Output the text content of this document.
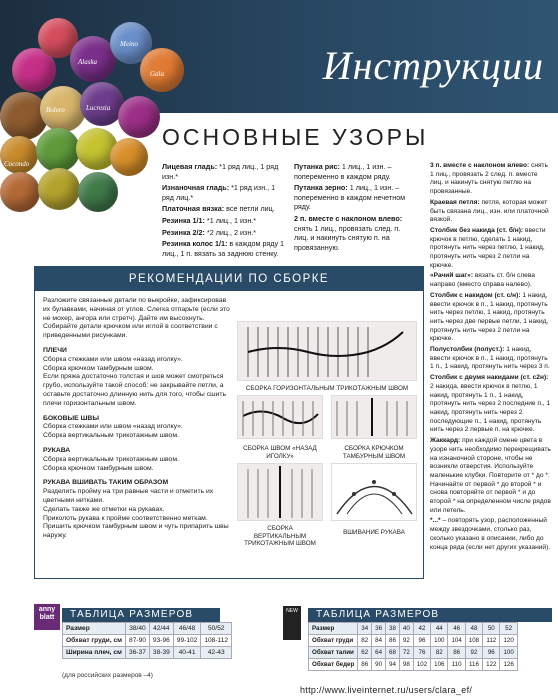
Bolero
Gala
Alaska
Cocondo
Meino
Lucrezia
Инструкции
ОСНОВНЫЕ УЗОРЫ

Лицевая гладь: *1 ряд лиц., 1 ряд изн.*

Изнаночная гладь: *1 ряд изн., 1 ряд лиц.*

Платочная вязка: все петли лиц.

Резинка 1/1: *1 лиц., 1 изн.*

Резинка 2/2: *2 лиц., 2 изн.*

Резинка колос 1/1: в каждом ряду 1 лиц., 1 п. вязать за заднюю стенку.

Путанка рис: 1 лиц., 1 изн. – попеременно в каждом ряду.

Путанка зерно: 1 лиц., 1 изн. – попеременно в каждом нечетном ряду.

2 п. вместе с наклоном влево: снять 1 лиц., провязать след. п. лиц. и накинуть снятую п. на провязанную.

3 п. вместе с наклоном влево: снять 1 лиц., провязать 2 след. п. вместе лиц. и накинуть снятую петлю на провязанные.

Краевая петля: петля, которая может быть связана лиц., изн. или платочной вязкой.

Столбик без накида (ст. б/н): ввести крючок в петлю, сделать 1 накид, протянуть нить через петлю, 1 накид, протянуть нить через 2 петли на крючке.

«Рачий шаг»: вязать ст. б/н слева направо (вместо справа налево).

Столбик с накидом (ст. с/н): 1 накид, ввести крючок в п., 1 накид, протянуть нить через петлю, 1 накид, протянуть нить через две первые петли, 1 накид, протянуть нить через 2 петли на крючке.

Полустолбик (полуст.): 1 накид, ввести крючок в п., 1 накид, протянуть 1 п., 1 накид, протянуть нить через 3 п.

Столбик с двумя накидами (ст. с2н): 2 накида, ввести крючок в петлю, 1 накид, протянуть 1 п., 1 накид, протянуть нить через 2 последние п., 1 накид, протянуть нить через 2 последующие п., 1 накид, протянуть нить через 2 первые п. на крючке.

Жаккард: при каждой смене цвета в узоре нить необходимо перекрещивать на изнаночной стороне, чтобы не возникли отверстия. Используйте маленькие клубки. Повторите от * до *. Начинайте от первой * до второй * и снова повторяйте от первой * и до второй * на определенном числе рядов или петель.

*...* – повторять узор, расположенный между звездочками, столько раз, сколько указано в описании, либо до конца ряда (если нет других указаний).

РЕКОМЕНДАЦИИ ПО СБОРКЕ

Разложите связанные детали по выкройке, зафиксировав их булавками, начиная от углов. Слегка отпарьте (если это не мохер, ангора или стретч). Дайте им высохнуть. Собирайте детали крючком или иглой в соответствии с приведенными рисунками.

ПЛЕЧИ

Сборка стежками или швом «назад иголку».

Сборка крючком тамбурным швом.

Если пряжа достаточно толстая и шов может смотреться грубо, используйте такой способ: не закрывайте петли, а оставьте достаточно длинную нить для того, чтобы сшить плечи горизонтальным швом.

БОКОВЫЕ ШВЫ

Сборка стежками или швом «назад иголку».

Сборка вертикальным трикотажным швом.

РУКАВА

Сборка вертикальным трикотажным швом.

Сборка крючком тамбурным швом.

РУКАВА ВШИВАТЬ ТАКИМ ОБРАЗОМ

Разделить пройму на три равные части и отметить их цветными нитками.

Сделать также же отметки на рукавах.

Приколоть рукава к пройме соответственно меткам.

Пришить крючком тамбурным швом и чуть припарить швы наружу.

СБОРКА ГОРИЗОНТАЛЬНЫМ ТРИКОТАЖНЫМ ШВОМ
СБОРКА ШВОМ «НАЗАД ИГОЛКУ»
СБОРКА КРЮЧКОМ ТАМБУРНЫМ ШВОМ
СБОРКА ВЕРТИКАЛЬНЫМ ТРИКОТАЖНЫМ ШВОМ
ВШИВАНИЕ РУКАВА
anny blatt	ТАБЛИЦА РАЗМЕРОВ
Размер	38/40	42/44	46/48	50/52
Обхват груди, см	87-90	93-96	99-102	108-112
Ширина плеч, см	36-37	38-39	40-41	42-43
(для российских размеров –4)
NEW	ТАБЛИЦА РАЗМЕРОВ
Размер	34	36	38	40	42	44	46	48	50	52
Обхват груди	82	84	86	92	96	100	104	108	112	120
Обхват талии	62	64	68	72	76	82	86	92	96	100
Обхват бедер	86	90	94	98	102	106	110	116	122	126
http://www.liveinternet.ru/users/clara_ef/
